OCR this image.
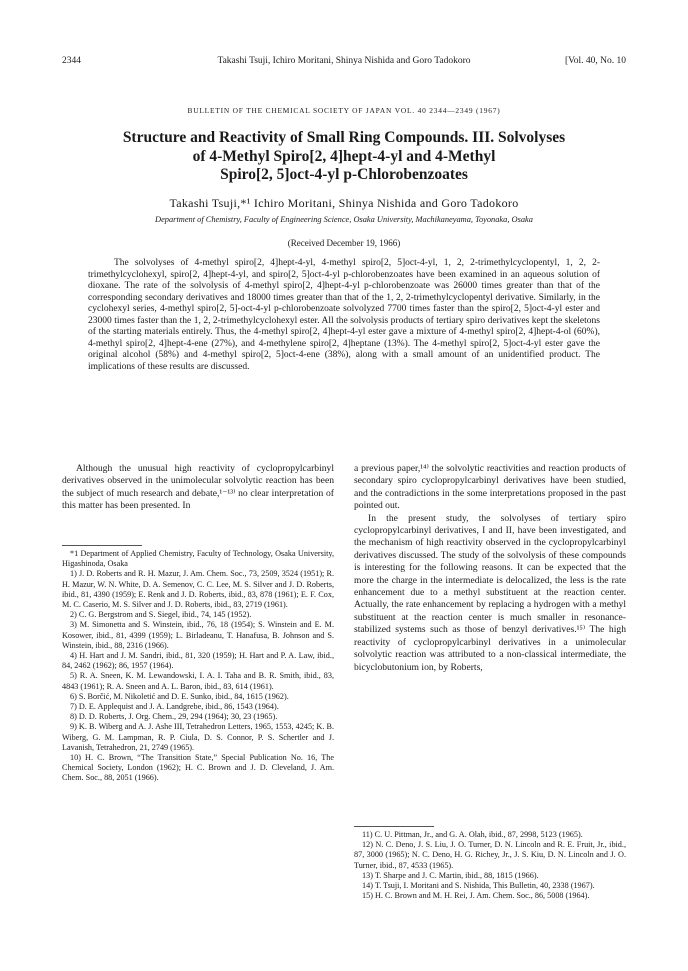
2344	Takashi Tsuji, Ichiro Moritani, Shinya Nishida and Goro Tadokoro	[Vol. 40, No. 10
BULLETIN OF THE CHEMICAL SOCIETY OF JAPAN VOL. 40 2344—2349 (1967)
Structure and Reactivity of Small Ring Compounds. III. Solvolyses
of 4-Methyl Spiro[2, 4]hept-4-yl and 4-Methyl
Spiro[2, 5]oct-4-yl p-Chlorobenzoates
Takashi Tsuji,*¹ Ichiro Moritani, Shinya Nishida and Goro Tadokoro
Department of Chemistry, Faculty of Engineering Science, Osaka University, Machikaneyama, Toyonaka, Osaka
(Received December 19, 1966)
The solvolyses of 4-methyl spiro[2, 4]hept-4-yl, 4-methyl spiro[2, 5]oct-4-yl, 1, 2, 2-trimethylcyclopentyl, 1, 2, 2-trimethylcyclohexyl, spiro[2, 4]hept-4-yl, and spiro[2, 5]oct-4-yl p-chlorobenzoates have been examined in an aqueous solution of dioxane. The rate of the solvolysis of 4-methyl spiro[2, 4]hept-4-yl p-chlorobenzoate was 26000 times greater than that of the corresponding secondary derivatives and 18000 times greater than that of the 1, 2, 2-trimethylcyclopentyl derivative. Similarly, in the cyclohexyl series, 4-methyl spiro[2, 5]-oct-4-yl p-chlorobenzoate solvolyzed 7700 times faster than the spiro[2, 5]oct-4-yl ester and 23000 times faster than the 1, 2, 2-trimethylcyclohexyl ester. All the solvolysis products of tertiary spiro derivatives kept the skeletons of the starting materials entirely. Thus, the 4-methyl spiro[2, 4]hept-4-yl ester gave a mixture of 4-methyl spiro[2, 4]hept-4-ol (60%), 4-methyl spiro[2, 4]hept-4-ene (27%), and 4-methylene spiro[2, 4]heptane (13%). The 4-methyl spiro[2, 5]oct-4-yl ester gave the original alcohol (58%) and 4-methyl spiro[2, 5]oct-4-ene (38%), along with a small amount of an unidentified product. The implications of these results are discussed.

Although the unusual high reactivity of cyclopropylcarbinyl derivatives observed in the unimolecular solvolytic reaction has been the subject of much research and debate,¹⁻¹³⁾ no clear interpretation of this matter has been presented. In

*1 Department of Applied Chemistry, Faculty of Technology, Osaka University, Higashinoda, Osaka
1) J. D. Roberts and R. H. Mazur, J. Am. Chem. Soc., 73, 2509, 3524 (1951); R. H. Mazur, W. N. White, D. A. Semenov, C. C. Lee, M. S. Silver and J. D. Roberts, ibid., 81, 4390 (1959); E. Renk and J. D. Roberts, ibid., 83, 878 (1961); E. F. Cox, M. C. Caserio, M. S. Silver and J. D. Roberts, ibid., 83, 2719 (1961).
2) C. G. Bergstrom and S. Siegel, ibid., 74, 145 (1952).
3) M. Simonetta and S. Winstein, ibid., 76, 18 (1954); S. Winstein and E. M. Kosower, ibid., 81, 4399 (1959); L. Birladeanu, T. Hanafusa, B. Johnson and S. Winstein, ibid., 88, 2316 (1966).
4) H. Hart and J. M. Sandri, ibid., 81, 320 (1959); H. Hart and P. A. Law, ibid., 84, 2462 (1962); 86, 1957 (1964).
5) R. A. Sneen, K. M. Lewandowski, I. A. I. Taha and B. R. Smith, ibid., 83, 4843 (1961); R. A. Sneen and A. L. Baron, ibid., 83, 614 (1961).
6) S. Borčić, M. Nikoletić and D. E. Sunko, ibid., 84, 1615 (1962).
7) D. E. Applequist and J. A. Landgrebe, ibid., 86, 1543 (1964).
8) D. D. Roberts, J. Org. Chem., 29, 294 (1964); 30, 23 (1965).
9) K. B. Wiberg and A. J. Ashe III, Tetrahedron Letters, 1965, 1553, 4245; K. B. Wiberg, G. M. Lampman, R. P. Ciula, D. S. Connor, P. S. Schertler and J. Lavanish, Tetrahedron, 21, 2749 (1965).
10) H. C. Brown, “The Transition State,” Special Publication No. 16, The Chemical Society, London (1962); H. C. Brown and J. D. Cleveland, J. Am. Chem. Soc., 88, 2051 (1966).

a previous paper,¹⁴⁾ the solvolytic reactivities and reaction products of secondary spiro cyclopropylcarbinyl derivatives have been studied, and the contradictions in the some interpretations proposed in the past pointed out.

In the present study, the solvolyses of tertiary spiro cyclopropylcarbinyl derivatives, I and II, have been investigated, and the mechanism of high reactivity observed in the cyclopropylcarbinyl derivatives discussed. The study of the solvolysis of these compounds is interesting for the following reasons. It can be expected that the more the charge in the intermediate is delocalized, the less is the rate enhancement due to a methyl substituent at the reaction center. Actually, the rate enhancement by replacing a hydrogen with a methyl substituent at the reaction center is much smaller in resonance-stabilized systems such as those of benzyl derivatives.¹⁵⁾ The high reactivity of cyclopropylcarbinyl derivatives in a unimolecular solvolytic reaction was attributed to a non-classical intermediate, the bicyclobutonium ion, by Roberts,

11) C. U. Pittman, Jr., and G. A. Olah, ibid., 87, 2998, 5123 (1965).
12) N. C. Deno, J. S. Liu, J. O. Turner, D. N. Lincoln and R. E. Fruit, Jr., ibid., 87, 3000 (1965); N. C. Deno, H. G. Richey, Jr., J. S. Kiu, D. N. Lincoln and J. O. Turner, ibid., 87, 4533 (1965).
13) T. Sharpe and J. C. Martin, ibid., 88, 1815 (1966).
14) T. Tsuji, I. Moritani and S. Nishida, This Bulletin, 40, 2338 (1967).
15) H. C. Brown and M. H. Rei, J. Am. Chem. Soc., 86, 5008 (1964).
